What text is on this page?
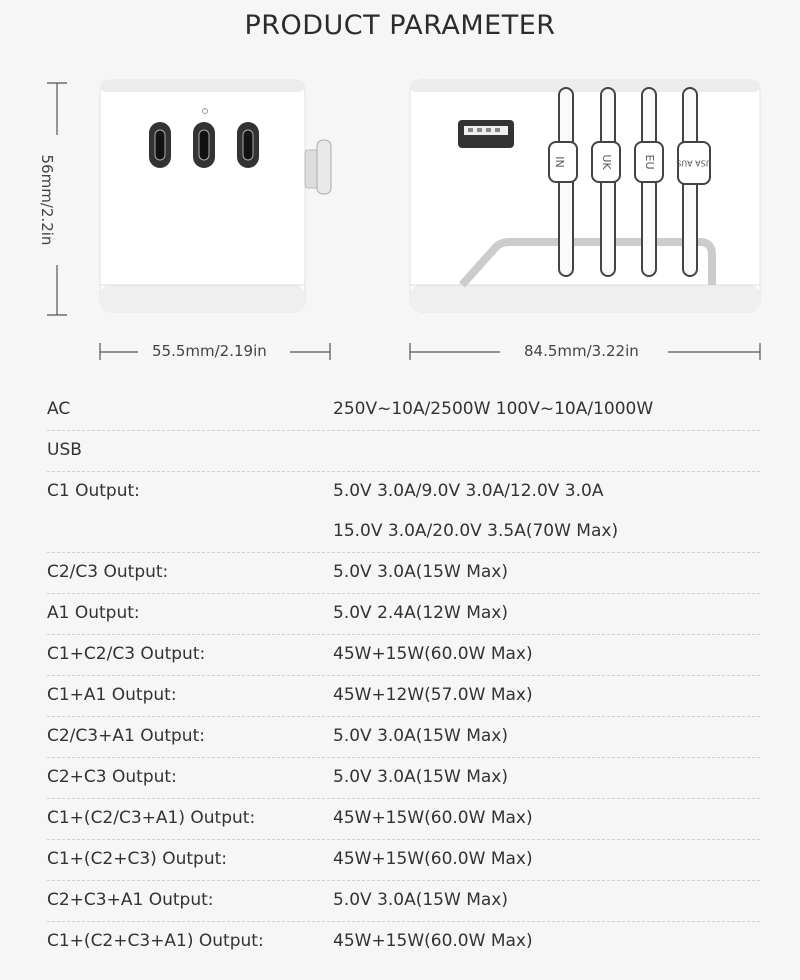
PRODUCT PARAMETER
IN	UK	EU	USA AUS
56mm/2.2in
55.5mm/2.19in	84.5mm/3.22in
AC	250V~10A/2500W 100V~10A/1000W
USB
C1 Output:	5.0V 3.0A/9.0V 3.0A/12.0V 3.0A
15.0V 3.0A/20.0V 3.5A(70W Max)
C2/C3 Output:	5.0V 3.0A(15W Max)
A1 Output:	5.0V 2.4A(12W Max)
C1+C2/C3 Output:	45W+15W(60.0W Max)
C1+A1 Output:	45W+12W(57.0W Max)
C2/C3+A1 Output:	5.0V 3.0A(15W Max)
C2+C3 Output:	5.0V 3.0A(15W Max)
C1+(C2/C3+A1) Output:	45W+15W(60.0W Max)
C1+(C2+C3) Output:	45W+15W(60.0W Max)
C2+C3+A1 Output:	5.0V 3.0A(15W Max)
C1+(C2+C3+A1) Output:	45W+15W(60.0W Max)
